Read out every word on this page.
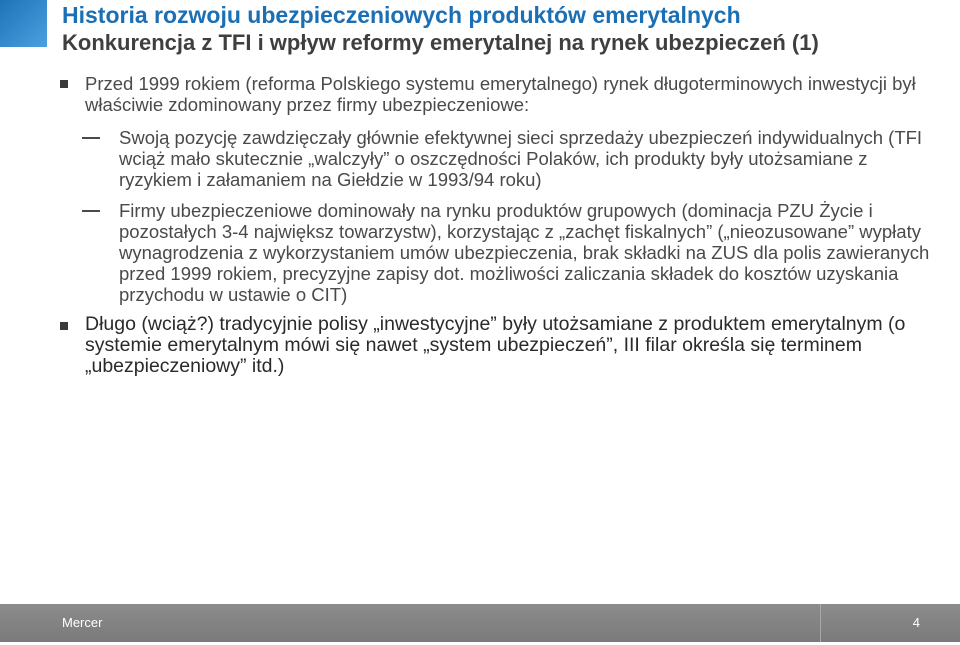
Historia rozwoju ubezpieczeniowych produktów emerytalnych
Konkurencja z TFI i wpływ reformy emerytalnej na rynek ubezpieczeń (1)
Przed 1999 rokiem (reforma Polskiego systemu emerytalnego) rynek długoterminowych inwestycji był właściwie zdominowany przez firmy ubezpieczeniowe:
Swoją pozycję zawdzięczały głównie efektywnej sieci sprzedaży ubezpieczeń indywidualnych (TFI wciąż mało skutecznie „walczyły” o oszczędności Polaków, ich produkty były utożsamiane z ryzykiem i załamaniem na Giełdzie w 1993/94 roku)
Firmy ubezpieczeniowe dominowały na rynku produktów grupowych (dominacja PZU Życie i pozostałych 3-4 największ towarzystw), korzystając z „zachęt fiskalnych” („nieozusowane” wypłaty wynagrodzenia z wykorzystaniem umów ubezpieczenia, brak składki na ZUS dla polis zawieranych przed 1999 rokiem, precyzyjne zapisy dot. możliwości zaliczania składek do kosztów uzyskania przychodu w ustawie o CIT)
Długo (wciąż?) tradycyjnie polisy „inwestycyjne” były utożsamiane z produktem emerytalnym (o systemie emerytalnym mówi się nawet „system ubezpieczeń”, III filar określa się terminem „ubezpieczeniowy” itd.)
Mercer	4
